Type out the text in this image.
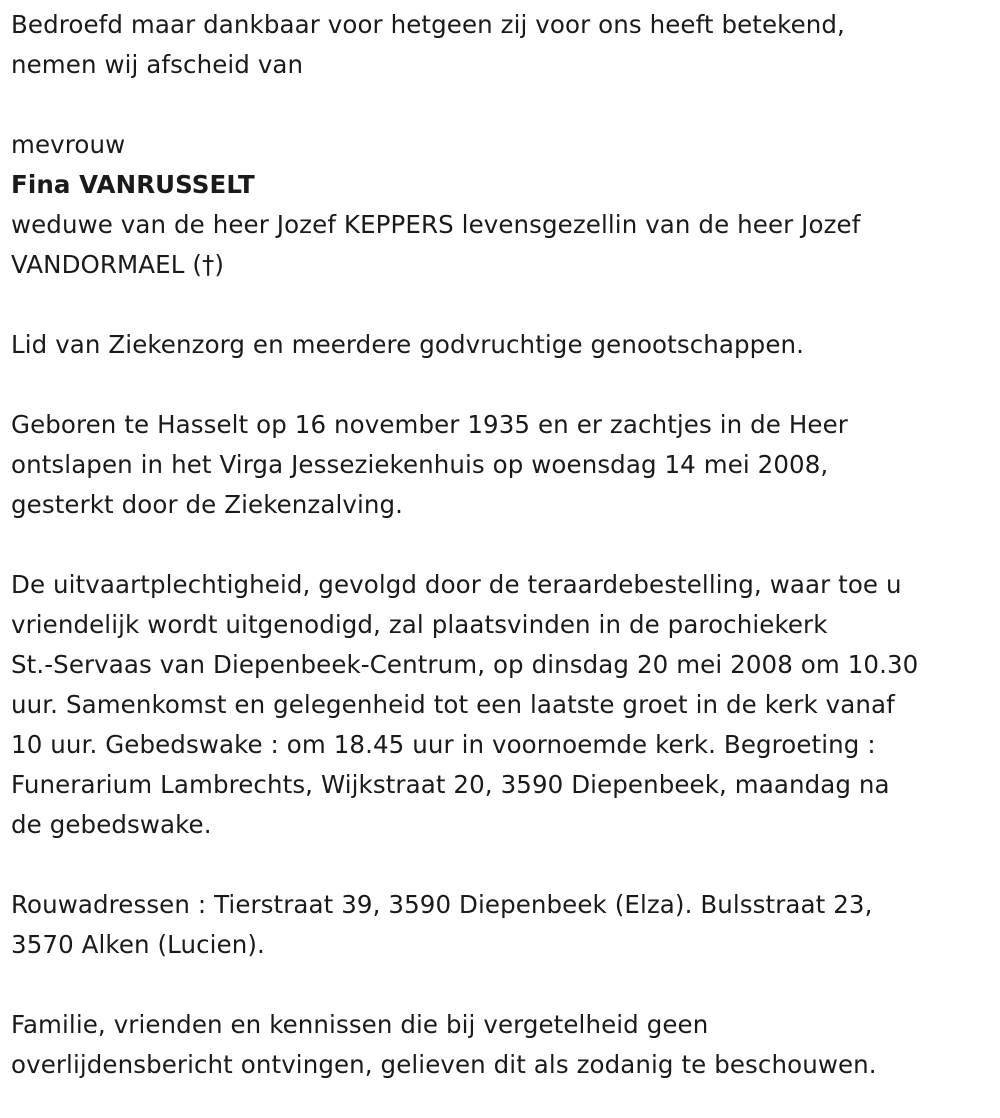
Bedroefd maar dankbaar voor hetgeen zij voor ons heeft betekend,
nemen wij afscheid van
mevrouw
Fina VANRUSSELT
weduwe van de heer Jozef KEPPERS levensgezellin van de heer Jozef
VANDORMAEL (†)
Lid van Ziekenzorg en meerdere godvruchtige genootschappen.
Geboren te Hasselt op 16 november 1935 en er zachtjes in de Heer
ontslapen in het Virga Jesseziekenhuis op woensdag 14 mei 2008,
gesterkt door de Ziekenzalving.
De uitvaartplechtigheid, gevolgd door de teraardebestelling, waar toe u
vriendelijk wordt uitgenodigd, zal plaatsvinden in de parochiekerk
St.-Servaas van Diepenbeek-Centrum, op dinsdag 20 mei 2008 om 10.30
uur. Samenkomst en gelegenheid tot een laatste groet in de kerk vanaf
10 uur. Gebedswake : om 18.45 uur in voornoemde kerk. Begroeting :
Funerarium Lambrechts, Wijkstraat 20, 3590 Diepenbeek, maandag na
de gebedswake.
Rouwadressen : Tierstraat 39, 3590 Diepenbeek (Elza). Bulsstraat 23,
3570 Alken (Lucien).
Familie, vrienden en kennissen die bij vergetelheid geen
overlijdensbericht ontvingen, gelieven dit als zodanig te beschouwen.
